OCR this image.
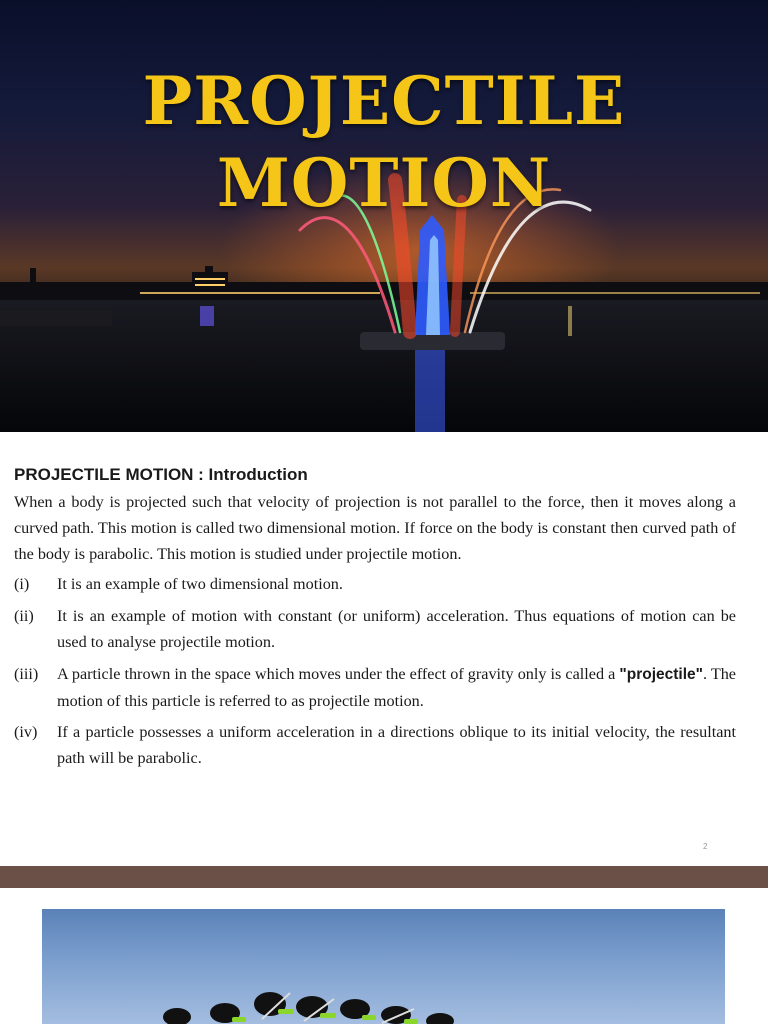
PROJECTILE
MOTION
PROJECTILE MOTION : Introduction
When a body is projected such that velocity of projection is not parallel to the force, then it moves along a curved path. This motion is called two dimensional motion. If force on the body is constant then curved path of the body is parabolic. This motion is studied under projectile motion.
(i) It is an example of two dimensional motion.
(ii) It is an example of motion with constant (or uniform) acceleration. Thus equations of motion can be used to analyse projectile motion.
(iii) A particle thrown in the space which moves under the effect of gravity only is called a "projectile". The motion of this particle is referred to as projectile motion.
(iv) If a particle possesses a uniform acceleration in a directions oblique to its initial velocity, the resultant path will be parabolic.
2
